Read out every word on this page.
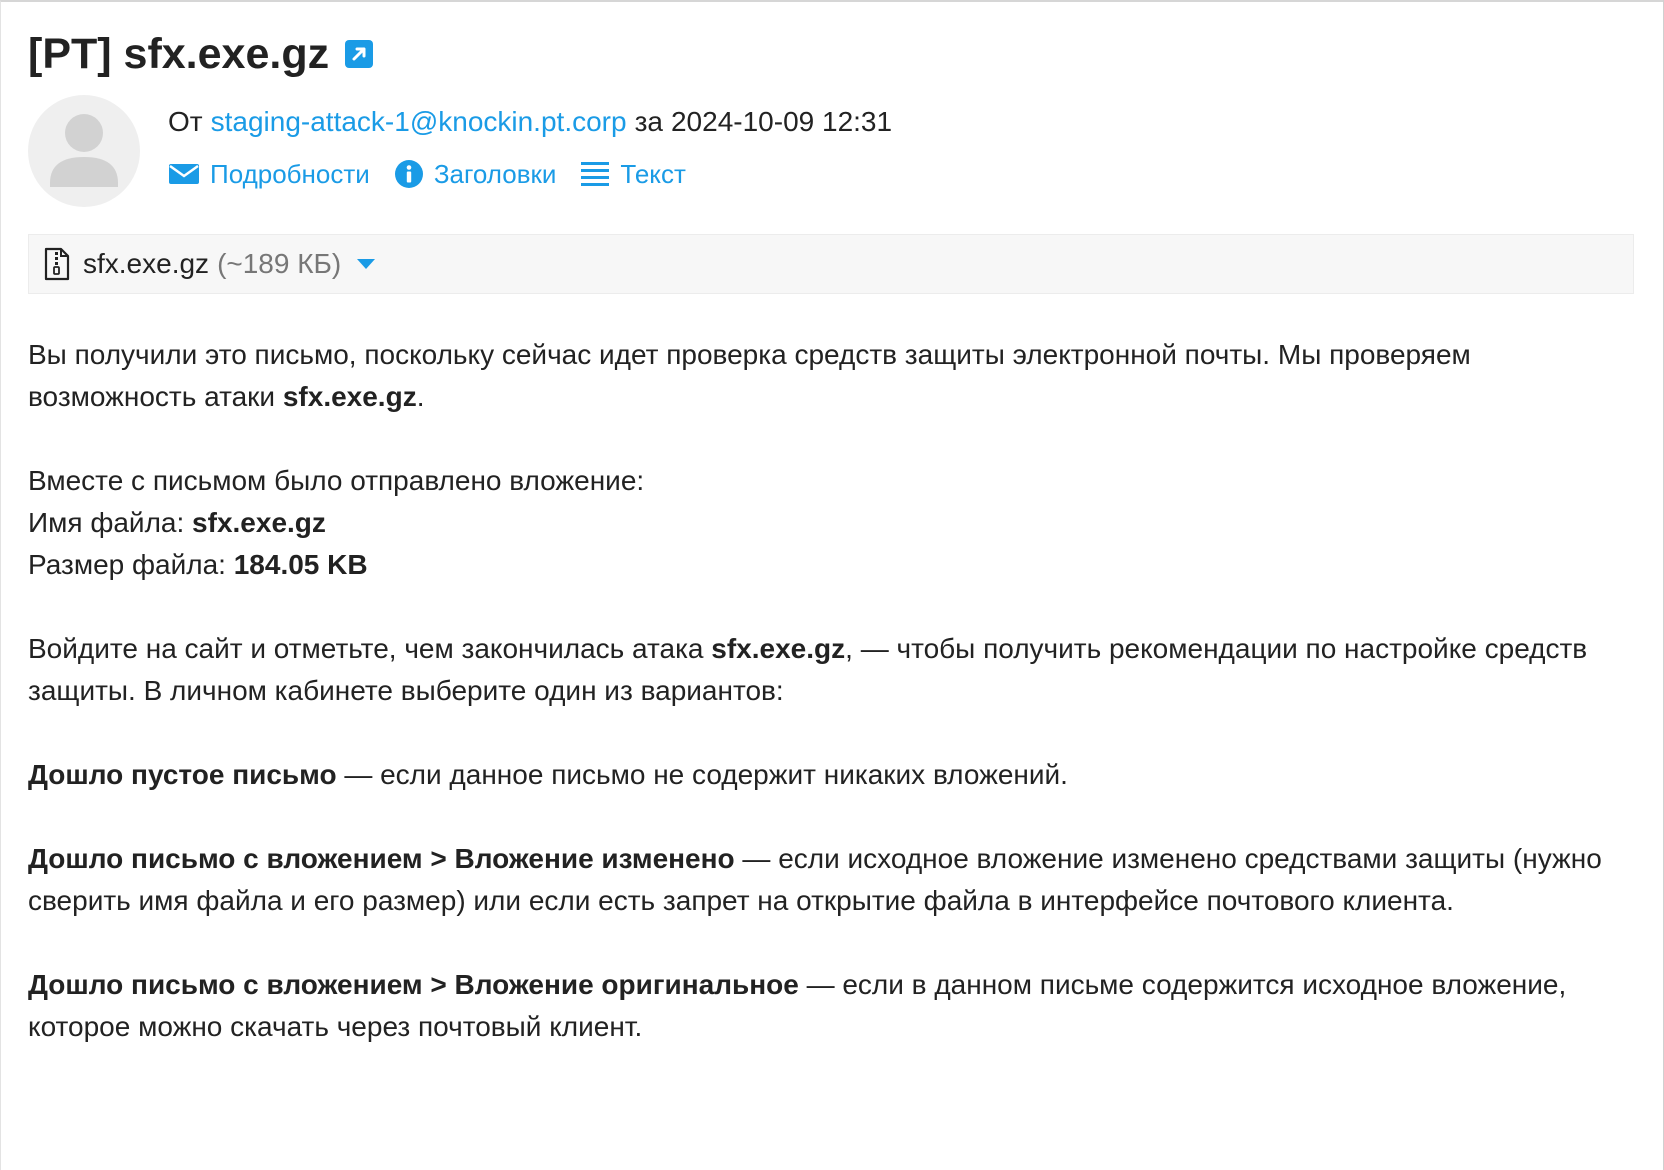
[PT] sfx.exe.gz
От staging-attack-1@knockin.pt.corp за 2024-10-09 12:31
Подробности Заголовки Текст
sfx.exe.gz (~189 КБ)

Вы получили это письмо, поскольку сейчас идет проверка средств защиты электронной почты. Мы проверяем возможность атаки sfx.exe.gz.

Вместе с письмом было отправлено вложение:
Имя файла: sfx.exe.gz
Размер файла: 184.05 KB

Войдите на сайт и отметьте, чем закончилась атака sfx.exe.gz, — чтобы получить рекомендации по настройке средств защиты. В личном кабинете выберите один из вариантов:

Дошло пустое письмо — если данное письмо не содержит никаких вложений.

Дошло письмо с вложением > Вложение изменено — если исходное вложение изменено средствами защиты (нужно сверить имя файла и его размер) или если есть запрет на открытие файла в интерфейсе почтового клиента.

Дошло письмо с вложением > Вложение оригинальное — если в данном письме содержится исходное вложение, которое можно скачать через почтовый клиент.
